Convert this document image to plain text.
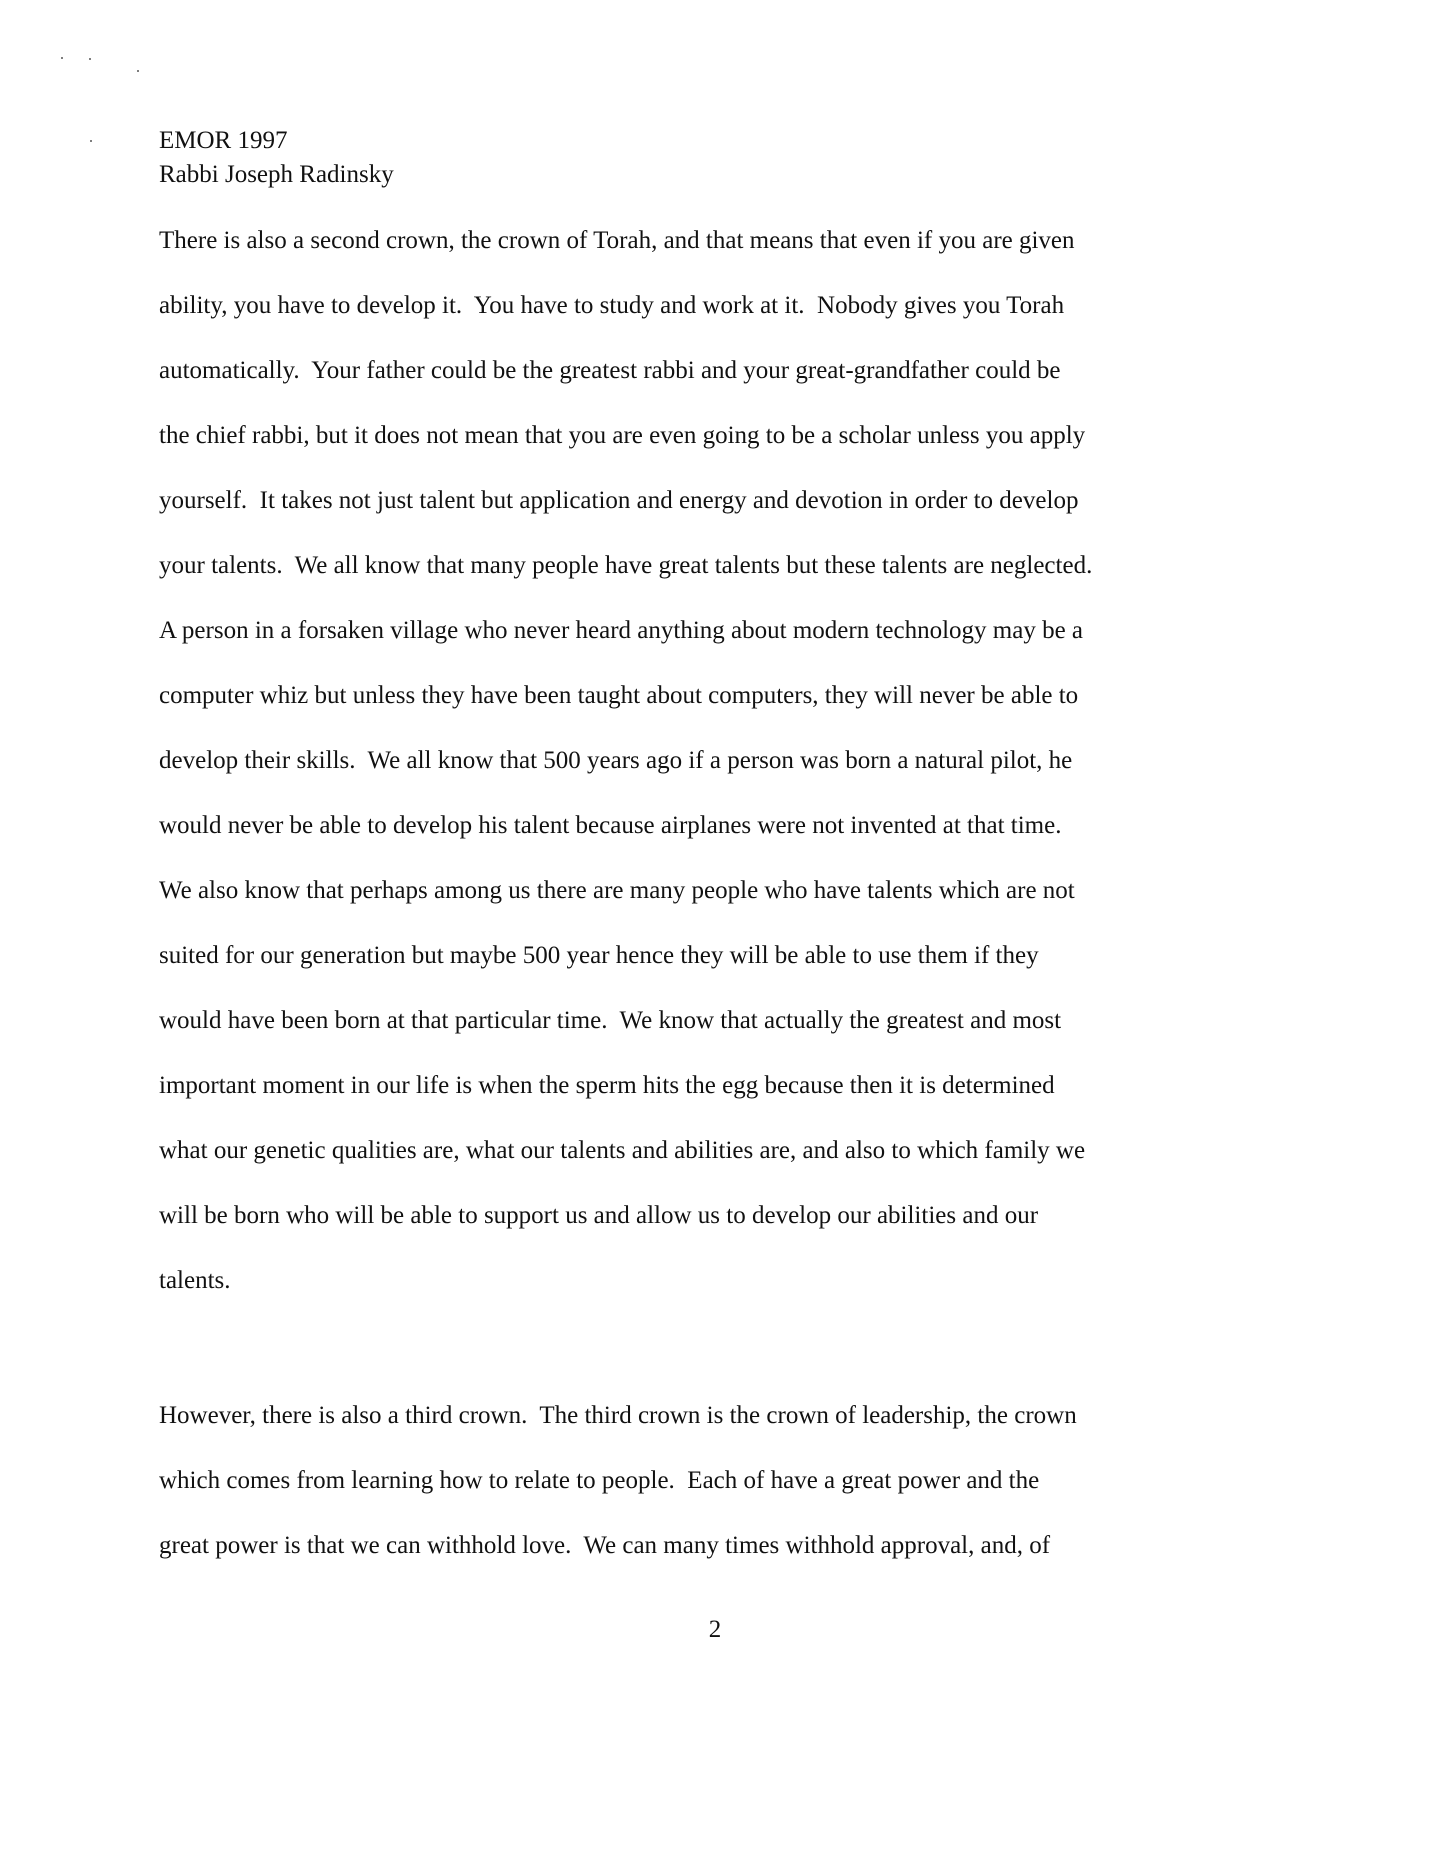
EMOR 1997
Rabbi Joseph Radinsky
There is also a second crown, the crown of Torah, and that means that even if you are given
ability, you have to develop it.  You have to study and work at it.  Nobody gives you Torah
automatically.  Your father could be the greatest rabbi and your great-grandfather could be
the chief rabbi, but it does not mean that you are even going to be a scholar unless you apply
yourself.  It takes not just talent but application and energy and devotion in order to develop
your talents.  We all know that many people have great talents but these talents are neglected.
A person in a forsaken village who never heard anything about modern technology may be a
computer whiz but unless they have been taught about computers, they will never be able to
develop their skills.  We all know that 500 years ago if a person was born a natural pilot, he
would never be able to develop his talent because airplanes were not invented at that time.
We also know that perhaps among us there are many people who have talents which are not
suited for our generation but maybe 500 year hence they will be able to use them if they
would have been born at that particular time.  We know that actually the greatest and most
important moment in our life is when the sperm hits the egg because then it is determined
what our genetic qualities are, what our talents and abilities are, and also to which family we
will be born who will be able to support us and allow us to develop our abilities and our
talents.
However, there is also a third crown.  The third crown is the crown of leadership, the crown
which comes from learning how to relate to people.  Each of have a great power and the
great power is that we can withhold love.  We can many times withhold approval, and, of
2
